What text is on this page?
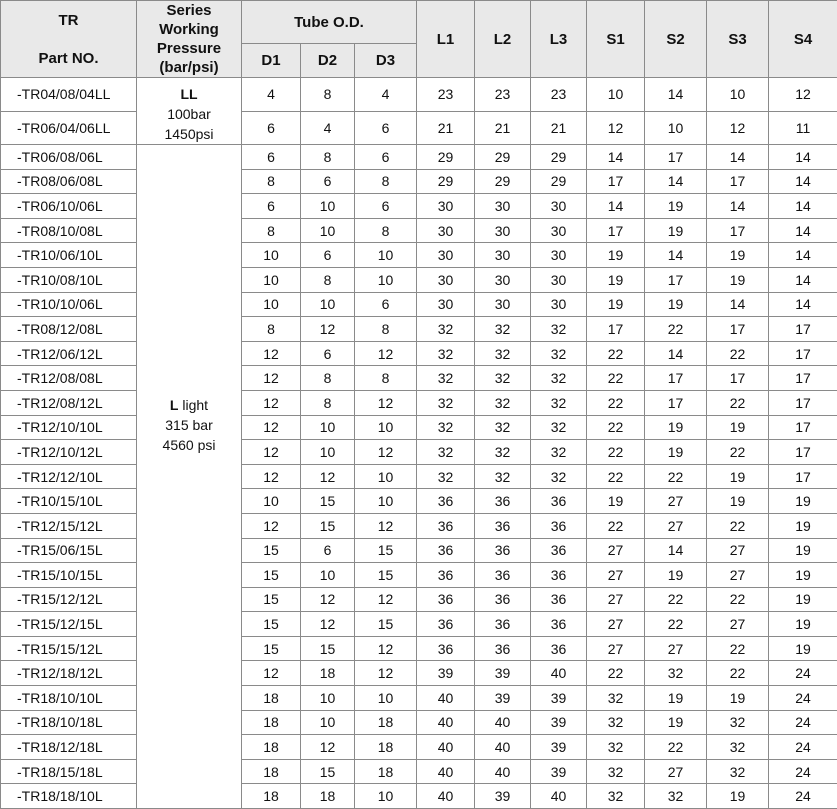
TR

Part NO.	Series
Working
Pressure
(bar/psi)	Tube O.D.			L1	L2	L3	S1	S2	S3	S4
		D1	D2	D3							
-TR04/08/04LL	LL
100bar
1450psi	4	8	4	23	23	23	10	14	10	12
-TR06/04/06LL		6	4	6	21	21	21	12	10	12	11
-TR06/08/06L	L light
315 bar
4560 psi	6	8	6	29	29	29	14	17	14	14
-TR08/06/08L		8	6	8	29	29	29	17	14	17	14
-TR06/10/06L		6	10	6	30	30	30	14	19	14	14
-TR08/10/08L		8	10	8	30	30	30	17	19	17	14
-TR10/06/10L		10	6	10	30	30	30	19	14	19	14
-TR10/08/10L		10	8	10	30	30	30	19	17	19	14
-TR10/10/06L		10	10	6	30	30	30	19	19	14	14
-TR08/12/08L		8	12	8	32	32	32	17	22	17	17
-TR12/06/12L		12	6	12	32	32	32	22	14	22	17
-TR12/08/08L		12	8	8	32	32	32	22	17	17	17
-TR12/08/12L		12	8	12	32	32	32	22	17	22	17
-TR12/10/10L		12	10	10	32	32	32	22	19	19	17
-TR12/10/12L		12	10	12	32	32	32	22	19	22	17
-TR12/12/10L		12	12	10	32	32	32	22	22	19	17
-TR10/15/10L		10	15	10	36	36	36	19	27	19	19
-TR12/15/12L		12	15	12	36	36	36	22	27	22	19
-TR15/06/15L		15	6	15	36	36	36	27	14	27	19
-TR15/10/15L		15	10	15	36	36	36	27	19	27	19
-TR15/12/12L		15	12	12	36	36	36	27	22	22	19
-TR15/12/15L		15	12	15	36	36	36	27	22	27	19
-TR15/15/12L		15	15	12	36	36	36	27	27	22	19
-TR12/18/12L		12	18	12	39	39	40	22	32	22	24
-TR18/10/10L		18	10	10	40	39	39	32	19	19	24
-TR18/10/18L		18	10	18	40	40	39	32	19	32	24
-TR18/12/18L		18	12	18	40	40	39	32	22	32	24
-TR18/15/18L		18	15	18	40	40	39	32	27	32	24
-TR18/18/10L		18	18	10	40	39	40	32	32	19	24
